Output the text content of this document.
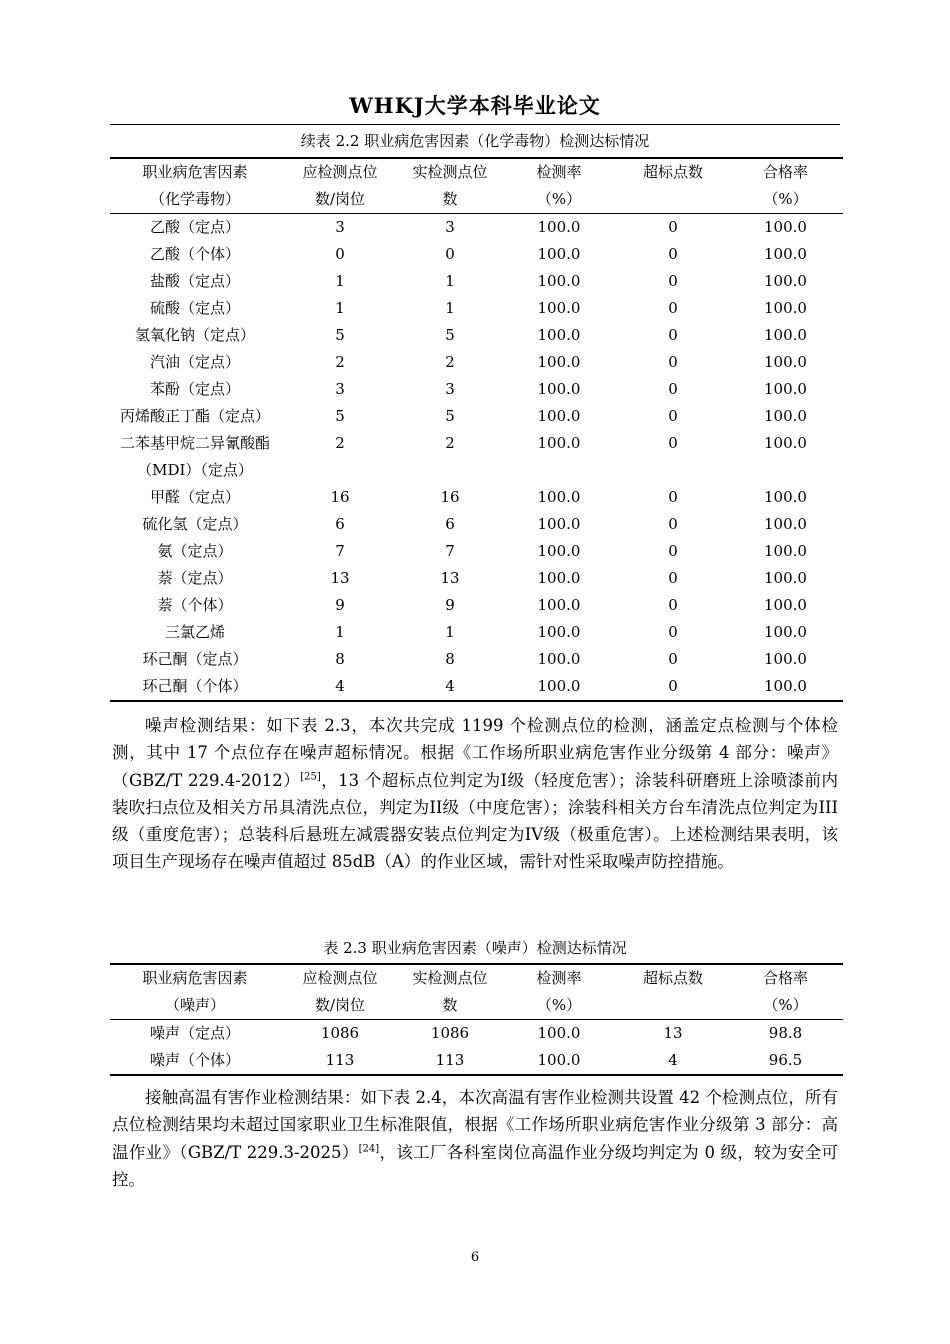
WHKJ大学本科毕业论文
续表 2.2 职业病危害因素（化学毒物）检测达标情况
职业病危害因素	应检测点位	实检测点位	检测率	超标点数	合格率
（化学毒物）	数/岗位	数	（%）		（%）
乙酸（定点）	3	3	100.0	0	100.0
乙酸（个体）	0	0	100.0	0	100.0
盐酸（定点）	1	1	100.0	0	100.0
硫酸（定点）	1	1	100.0	0	100.0
氢氧化钠（定点）	5	5	100.0	0	100.0
汽油（定点）	2	2	100.0	0	100.0
苯酚（定点）	3	3	100.0	0	100.0
丙烯酸正丁酯（定点）	5	5	100.0	0	100.0
二苯基甲烷二异氰酸酯（MDI）（定点）	2	2	100.0	0	100.0
甲醛（定点）	16	16	100.0	0	100.0
硫化氢（定点）	6	6	100.0	0	100.0
氨（定点）	7	7	100.0	0	100.0
萘（定点）	13	13	100.0	0	100.0
萘（个体）	9	9	100.0	0	100.0
三氯乙烯	1	1	100.0	0	100.0
环己酮（定点）	8	8	100.0	0	100.0
环己酮（个体）	4	4	100.0	0	100.0

噪声检测结果：如下表 2.3，本次共完成 1199 个检测点位的检测，涵盖定点检测与个体检测，其中 17 个点位存在噪声超标情况。根据《工作场所职业病危害作业分级第 4 部分：噪声》（GBZ/T 229.4-2012）[25]，13 个超标点位判定为I级（轻度危害）；涂装科研磨班上涂喷漆前内装吹扫点位及相关方吊具清洗点位，判定为II级（中度危害）；涂装科相关方台车清洗点位判定为III级（重度危害）；总装科后悬班左减震器安装点位判定为IV级（极重危害）。上述检测结果表明，该项目生产现场存在噪声值超过 85dB（A）的作业区域，需针对性采取噪声防控措施。

表 2.3 职业病危害因素（噪声）检测达标情况
职业病危害因素	应检测点位	实检测点位	检测率	超标点数	合格率
（噪声）	数/岗位	数	（%）		（%）
噪声（定点）	1086	1086	100.0	13	98.8
噪声（个体）	113	113	100.0	4	96.5

接触高温有害作业检测结果：如下表 2.4，本次高温有害作业检测共设置 42 个检测点位，所有点位检测结果均未超过国家职业卫生标准限值，根据《工作场所职业病危害作业分级第 3 部分：高温作业》（GBZ/T 229.3-2025）[24]，该工厂各科室岗位高温作业分级均判定为 0 级，较为安全可控。

6
